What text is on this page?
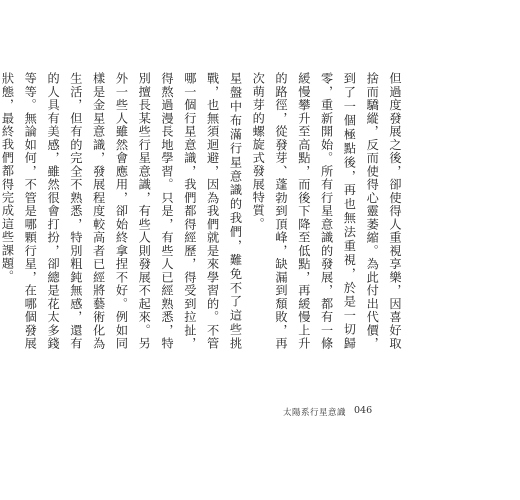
但過度發展之後，卻使得人重視享樂，因喜好取捨而驕縱，反而使得心靈萎縮。為此付出代價，到了一個極點後，再也無法重視，於是一切歸零，重新開始。所有行星意識的發展，都有一條緩慢攀升至高點，而後下降至低點，再緩慢上升的路徑，從發芽、蓬勃到頂峰，缺漏到頹敗，再次萌芽的螺旋式發展特質。

星盤中布滿行星意識的我們，難免不了這些挑戰，也無須迴避，因為我們就是來學習的。不管哪一個行星意識，我們都得經歷，得受到拉扯，得熬過漫長地學習。只是，有些人已經熟悉，特別擅長某些行星意識，有些人則發展不起來。另外一些人雖然會應用，卻始終拿捏不好。例如同樣是金星意識，發展程度較高者已經將藝術化為生活，但有的完全不熟悉，特別粗鈍無感，還有的人具有美感，雖然很會打扮，卻總是花太多錢等等。無論如何，不管是哪顆行星，在哪個發展狀態，最終我們都得完成這些課題。

太陽系行星意識 046
